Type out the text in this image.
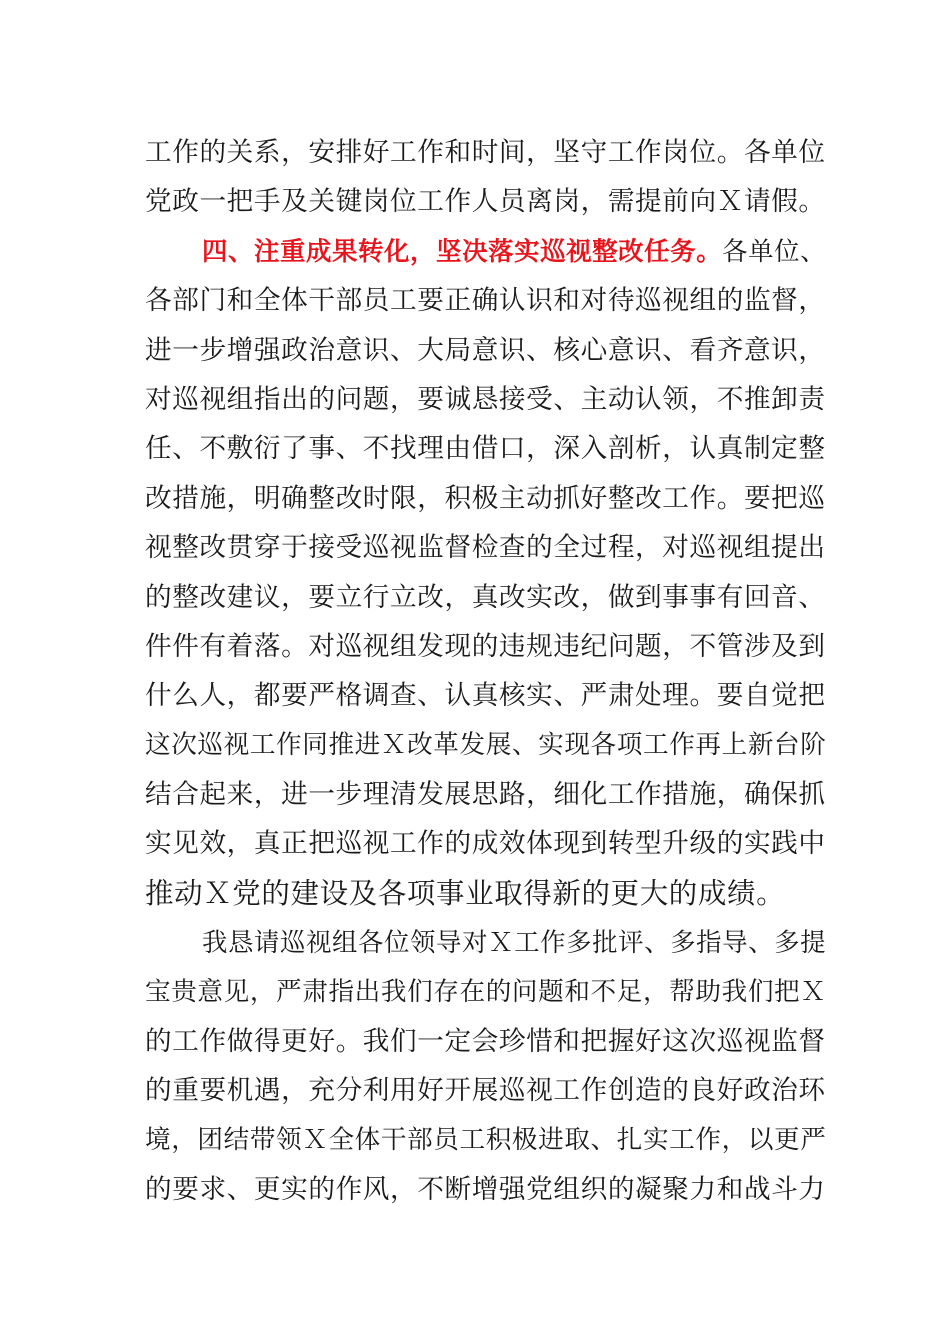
工作的关系，安排好工作和时间，坚守工作岗位。各单位
党政一把手及关键岗位工作人员离岗，需提前向Ｘ请假。
四、注重成果转化，坚决落实巡视整改任务。各单位、
各部门和全体干部员工要正确认识和对待巡视组的监督，
进一步增强政治意识、大局意识、核心意识、看齐意识，
对巡视组指出的问题，要诚恳接受、主动认领，不推卸责
任、不敷衍了事、不找理由借口，深入剖析，认真制定整
改措施，明确整改时限，积极主动抓好整改工作。要把巡
视整改贯穿于接受巡视监督检查的全过程，对巡视组提出
的整改建议，要立行立改，真改实改，做到事事有回音、
件件有着落。对巡视组发现的违规违纪问题，不管涉及到
什么人，都要严格调查、认真核实、严肃处理。要自觉把
这次巡视工作同推进Ｘ改革发展、实现各项工作再上新台阶
结合起来，进一步理清发展思路，细化工作措施，确保抓
实见效，真正把巡视工作的成效体现到转型升级的实践中
推动Ｘ党的建设及各项事业取得新的更大的成绩。
我恳请巡视组各位领导对Ｘ工作多批评、多指导、多提
宝贵意见，严肃指出我们存在的问题和不足，帮助我们把Ｘ
的工作做得更好。我们一定会珍惜和把握好这次巡视监督
的重要机遇，充分利用好开展巡视工作创造的良好政治环
境，团结带领Ｘ全体干部员工积极进取、扎实工作，以更严
的要求、更实的作风，不断增强党组织的凝聚力和战斗力
